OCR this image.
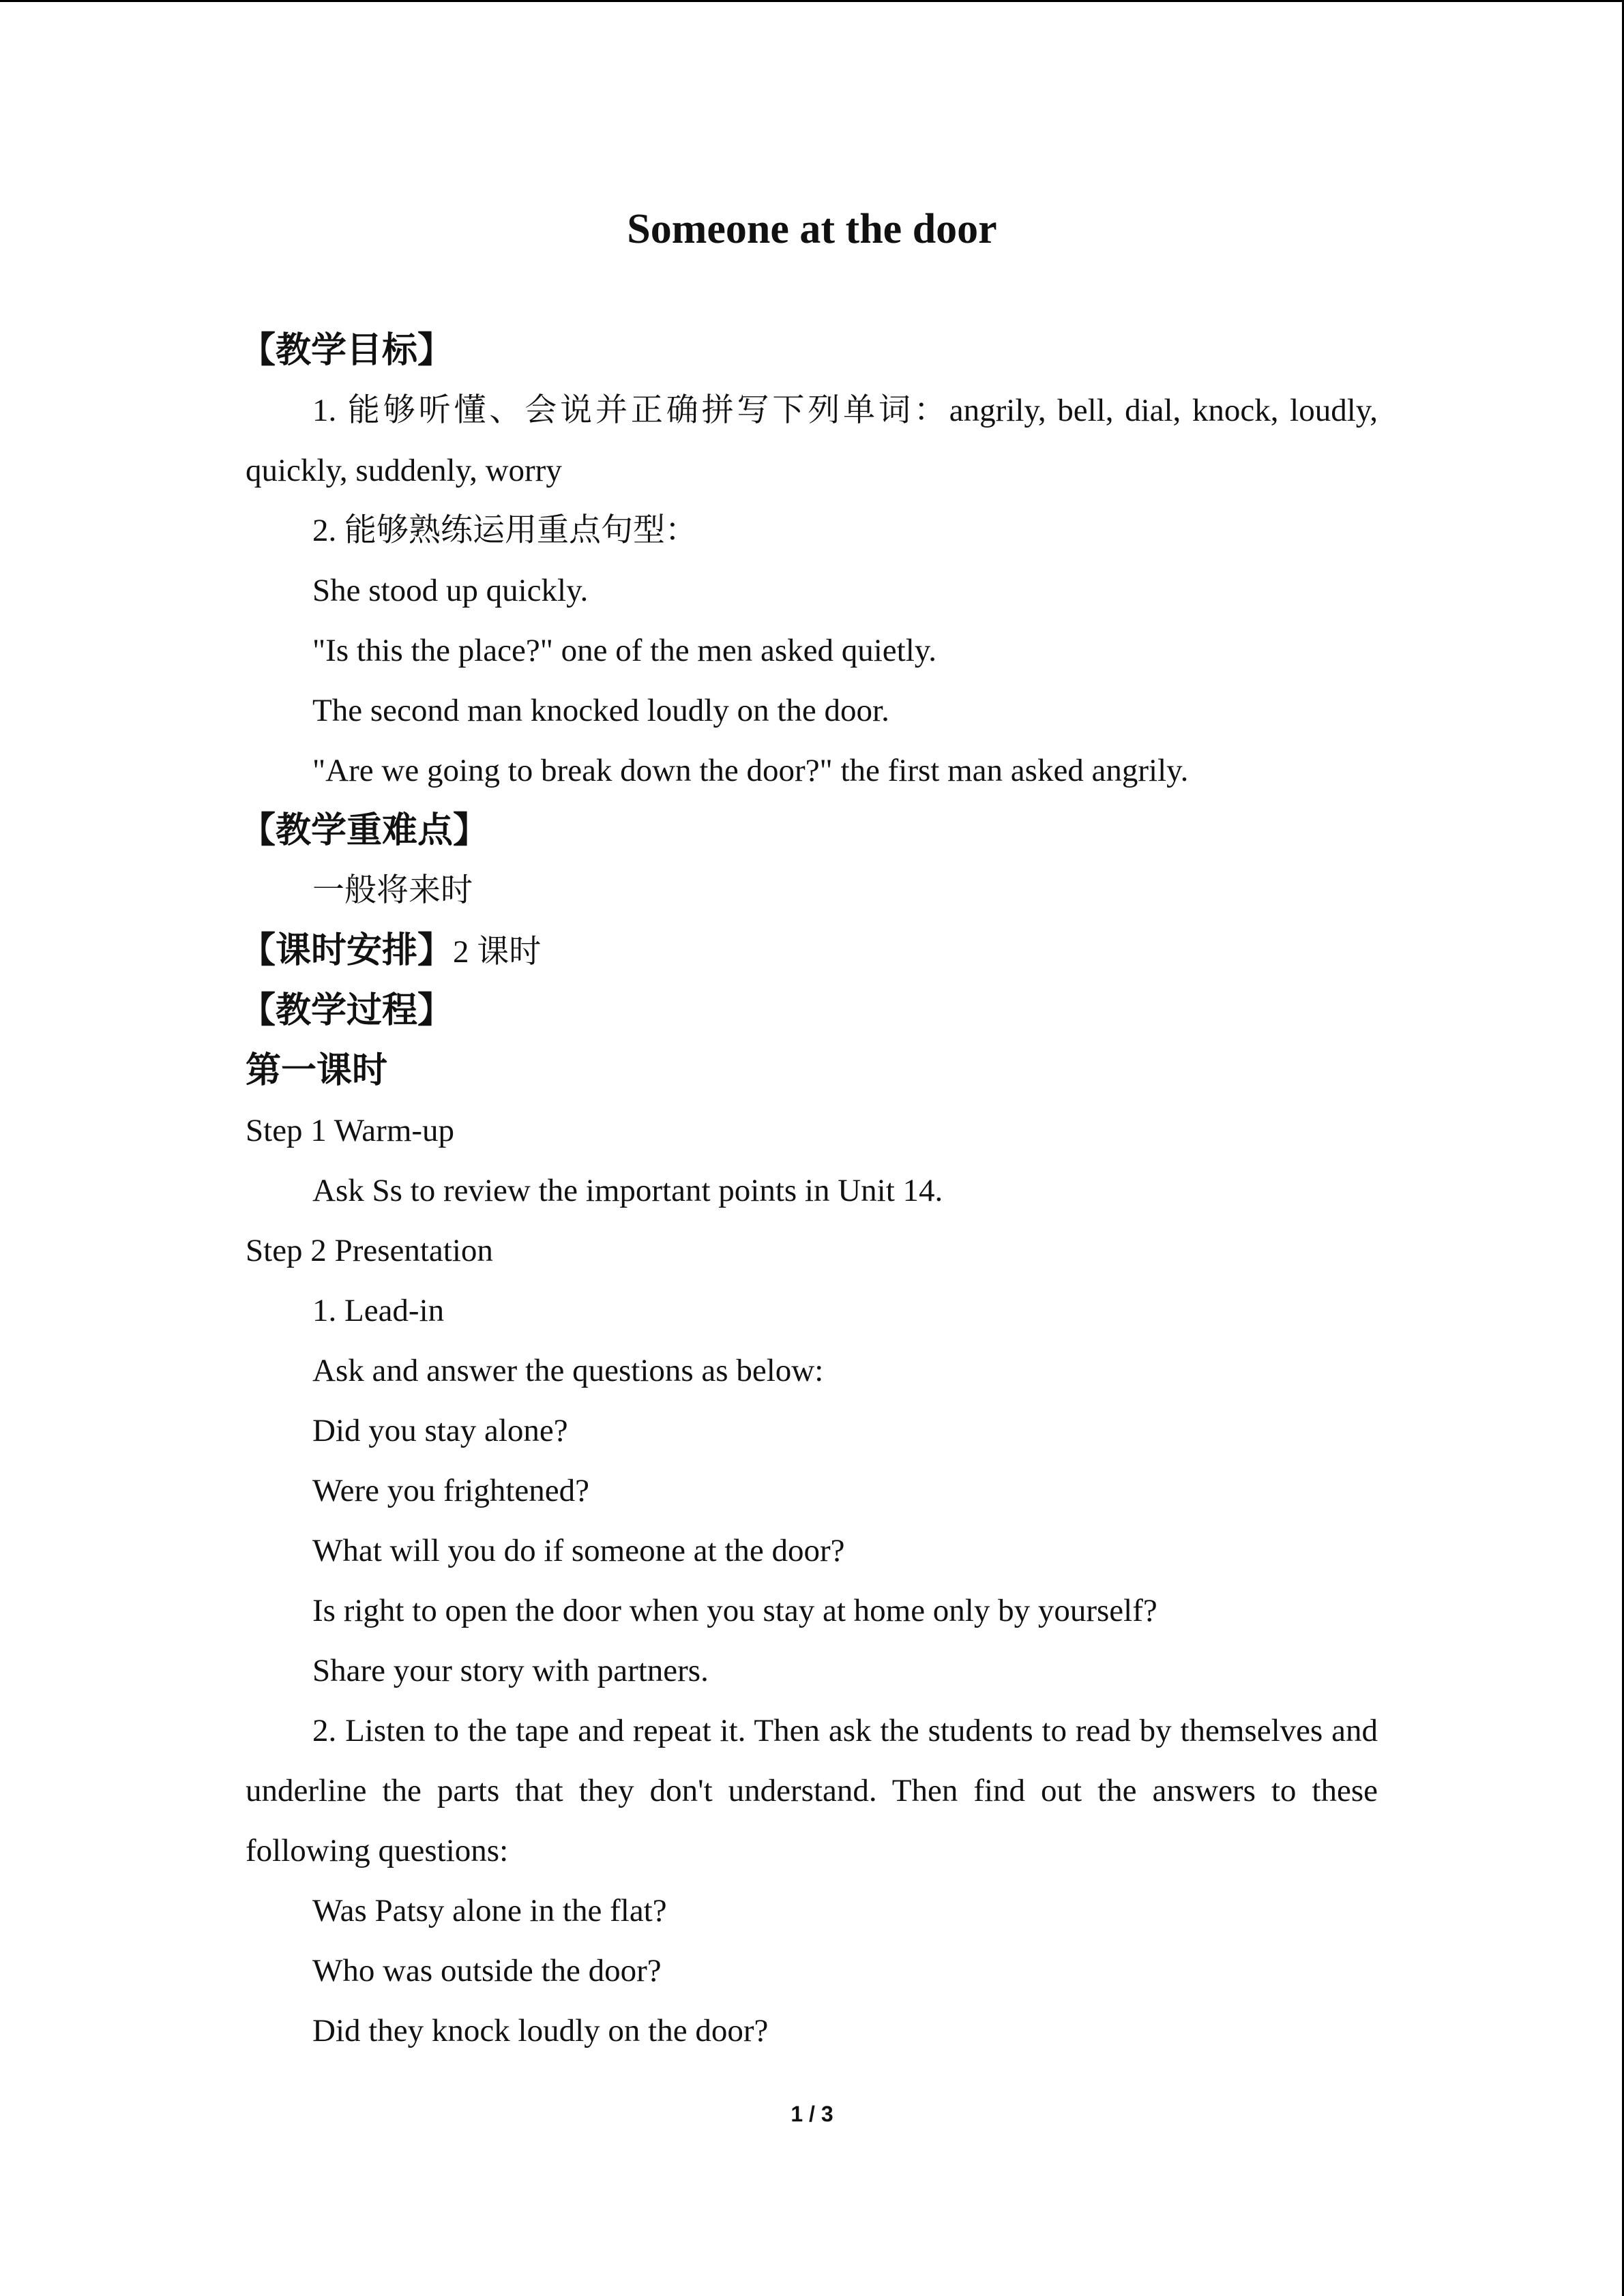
Someone at the door
【教学目标】
1. 能够听懂、会说并正确拼写下列单词：angrily, bell, dial, knock, loudly,
quickly, suddenly, worry
2. 能够熟练运用重点句型：
She stood up quickly.
"Is this the place?" one of the men asked quietly.
The second man knocked loudly on the door.
"Are we going to break down the door?" the first man asked angrily.
【教学重难点】
一般将来时
【课时安排】2 课时
【教学过程】
第一课时
Step 1 Warm-up
Ask Ss to review the important points in Unit 14.
Step 2 Presentation
1. Lead-in
Ask and answer the questions as below:
Did you stay alone?
Were you frightened?
What will you do if someone at the door?
Is right to open the door when you stay at home only by yourself?
Share your story with partners.
2. Listen to the tape and repeat it. Then ask the students to read by themselves and
underline the parts that they don't understand. Then find out the answers to these
following questions:
Was Patsy alone in the flat?
Who was outside the door?
Did they knock loudly on the door?
1 / 3
